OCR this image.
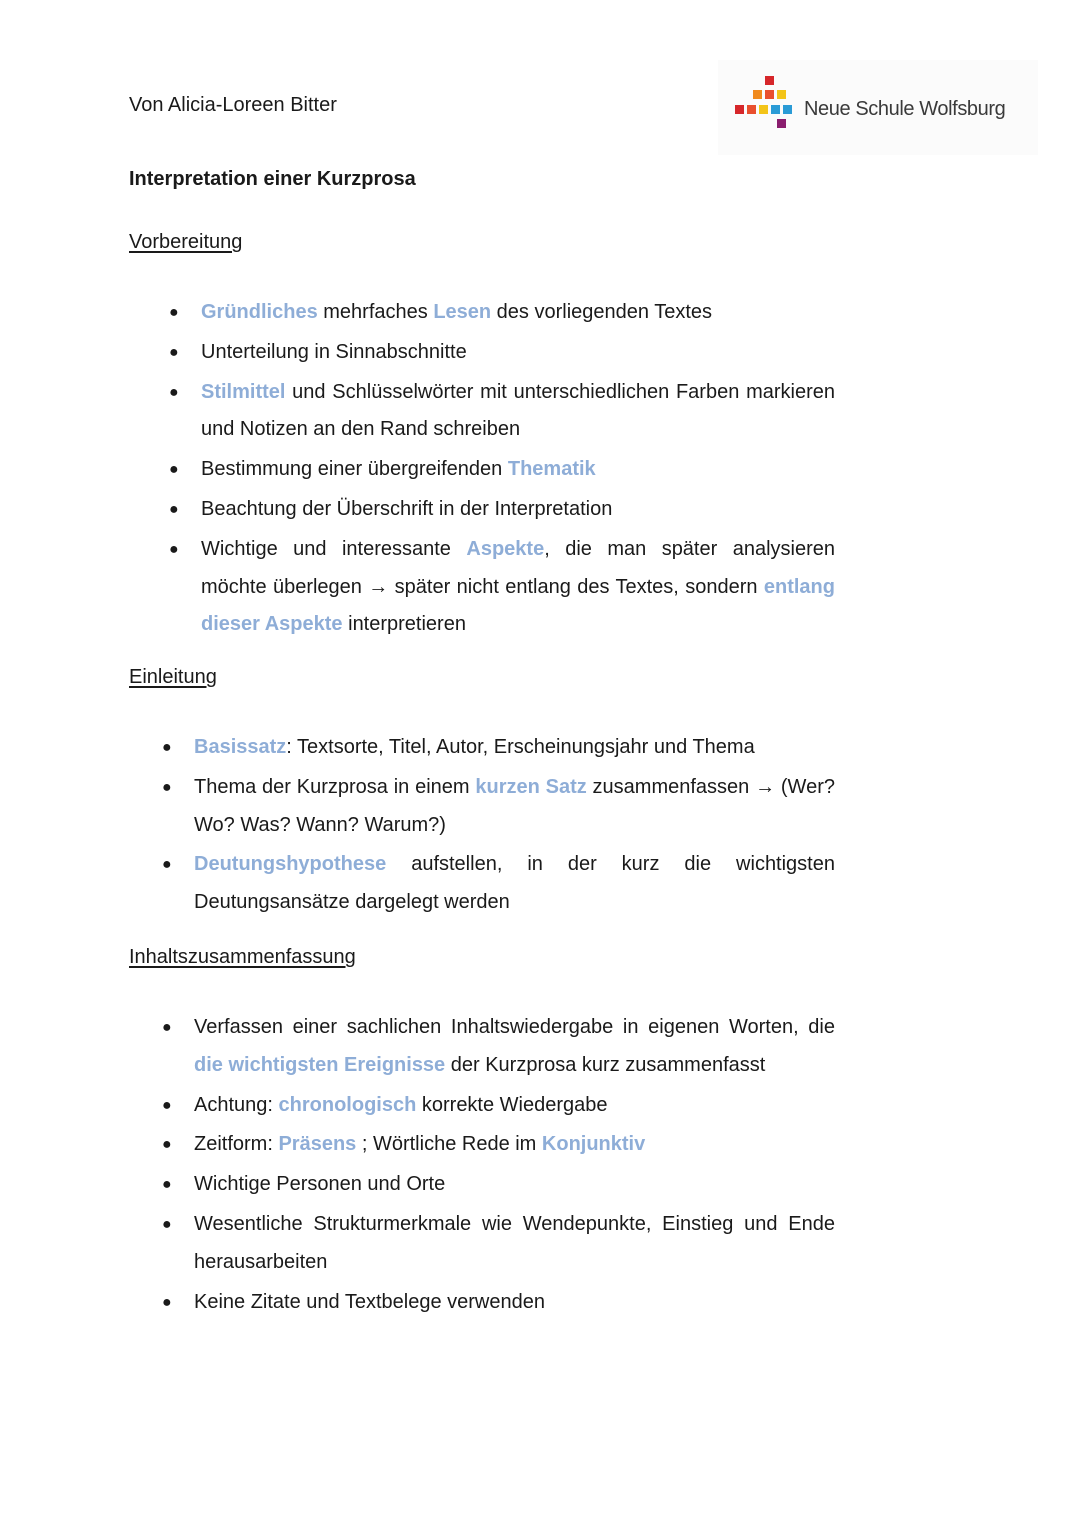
Von Alicia-Loreen Bitter	Neue Schule Wolfsburg
Interpretation einer Kurzprosa
Vorbereitung
● Gründliches mehrfaches Lesen des vorliegenden Textes
● Unterteilung in Sinnabschnitte
● Stilmittel und Schlüsselwörter mit unterschiedlichen Farben markieren und Notizen an den Rand schreiben
● Bestimmung einer übergreifenden Thematik
● Beachtung der Überschrift in der Interpretation
● Wichtige und interessante Aspekte, die man später analysieren möchte überlegen → später nicht entlang des Textes, sondern entlang dieser Aspekte interpretieren
Einleitung
● Basissatz: Textsorte, Titel, Autor, Erscheinungsjahr und Thema
● Thema der Kurzprosa in einem kurzen Satz zusammenfassen → (Wer? Wo? Was? Wann? Warum?)
● Deutungshypothese aufstellen, in der kurz die wichtigsten Deutungsansätze dargelegt werden
Inhaltszusammenfassung
● Verfassen einer sachlichen Inhaltswiedergabe in eigenen Worten, die die wichtigsten Ereignisse der Kurzprosa kurz zusammenfasst
● Achtung: chronologisch korrekte Wiedergabe
● Zeitform: Präsens ; Wörtliche Rede im Konjunktiv
● Wichtige Personen und Orte
● Wesentliche Strukturmerkmale wie Wendepunkte, Einstieg und Ende herausarbeiten
● Keine Zitate und Textbelege verwenden
